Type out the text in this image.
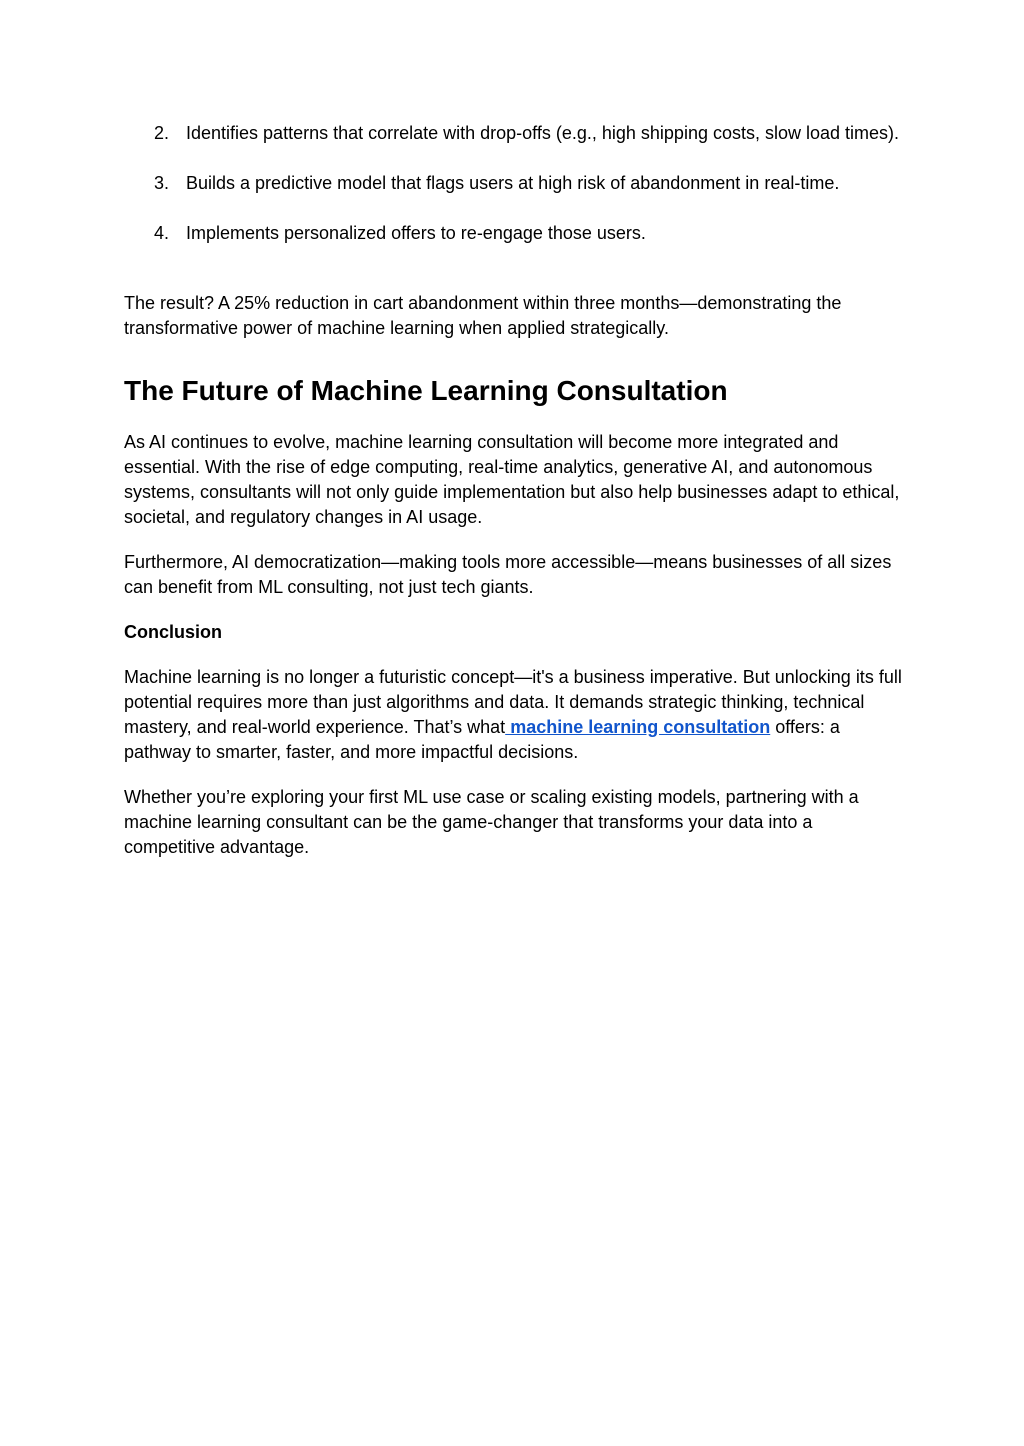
2. Identifies patterns that correlate with drop-offs (e.g., high shipping costs, slow load times).
3. Builds a predictive model that flags users at high risk of abandonment in real-time.
4. Implements personalized offers to re-engage those users.

The result? A 25% reduction in cart abandonment within three months—demonstrating the transformative power of machine learning when applied strategically.

The Future of Machine Learning Consultation

As AI continues to evolve, machine learning consultation will become more integrated and essential. With the rise of edge computing, real-time analytics, generative AI, and autonomous systems, consultants will not only guide implementation but also help businesses adapt to ethical, societal, and regulatory changes in AI usage.

Furthermore, AI democratization—making tools more accessible—means businesses of all sizes can benefit from ML consulting, not just tech giants.

Conclusion

Machine learning is no longer a futuristic concept—it's a business imperative. But unlocking its full potential requires more than just algorithms and data. It demands strategic thinking, technical mastery, and real-world experience. That’s what machine learning consultation offers: a pathway to smarter, faster, and more impactful decisions.

Whether you’re exploring your first ML use case or scaling existing models, partnering with a machine learning consultant can be the game-changer that transforms your data into a competitive advantage.
